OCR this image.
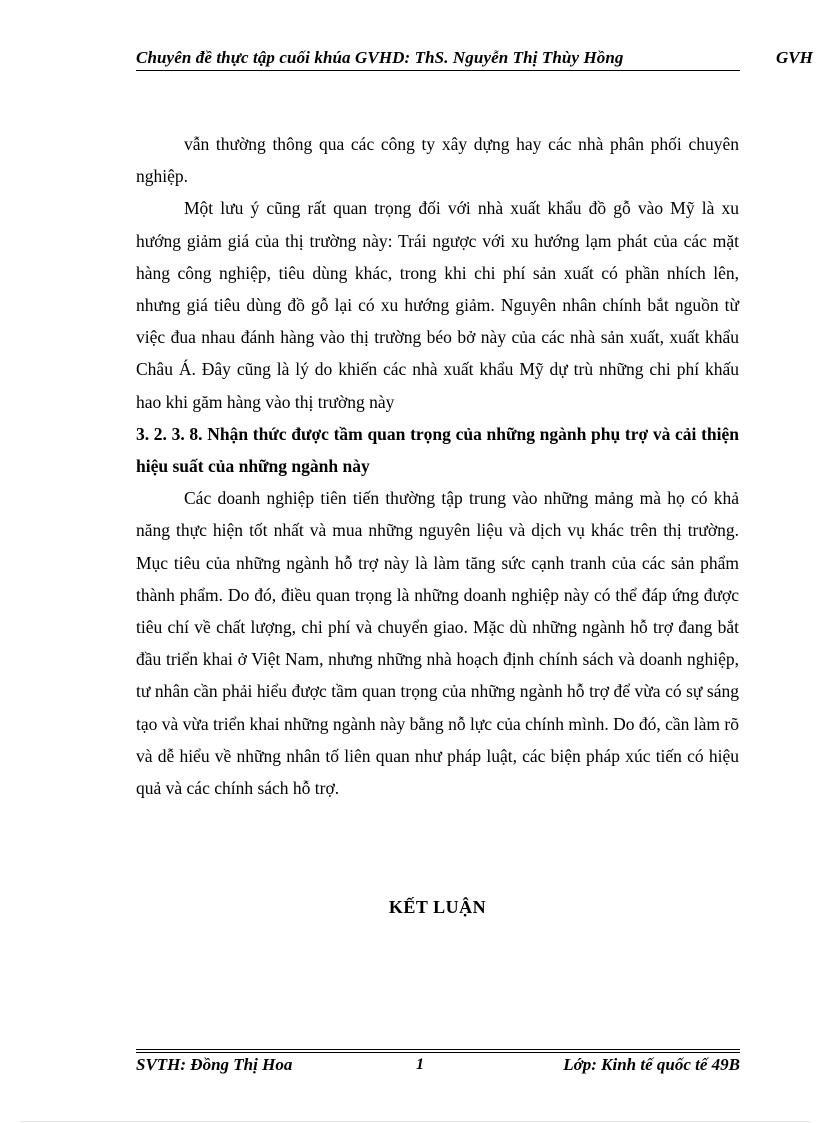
Chuyên đề thực tập cuối khúa GVHD: ThS. Nguyễn Thị Thùy Hồng	GVH

vẫn thường thông qua các công ty xây dựng hay các nhà phân phối chuyên nghiệp.

Một lưu ý cũng rất quan trọng đối với nhà xuất khẩu đồ gỗ vào Mỹ là xu hướng giảm giá của thị trường này: Trái ngược với xu hướng lạm phát của các mặt hàng công nghiệp, tiêu dùng khác, trong khi chi phí sản xuất có phần nhích lên, nhưng giá tiêu dùng đồ gỗ lại có xu hướng giảm. Nguyên nhân chính bắt nguồn từ việc đua nhau đánh hàng vào thị trường béo bở này của các nhà sản xuất, xuất khẩu Châu Á. Đây cũng là lý do khiến các nhà xuất khẩu Mỹ dự trù những chi phí khấu hao khi găm hàng vào thị trường này

3. 2. 3. 8. Nhận thức được tầm quan trọng của những ngành phụ trợ và cải thiện hiệu suất của những ngành này

Các doanh nghiệp tiên tiến thường tập trung vào những mảng mà họ có khả năng thực hiện tốt nhất và mua những nguyên liệu và dịch vụ khác trên thị trường. Mục tiêu của những ngành hỗ trợ này là làm tăng sức cạnh tranh của các sản phẩm thành phẩm. Do đó, điều quan trọng là những doanh nghiệp này có thể đáp ứng được tiêu chí về chất lượng, chi phí và chuyển giao. Mặc dù những ngành hỗ trợ đang bắt đầu triển khai ở Việt Nam, nhưng những nhà hoạch định chính sách và doanh nghiệp, tư nhân cần phải hiểu được tầm quan trọng của những ngành hỗ trợ để vừa có sự sáng tạo và vừa triển khai những ngành này bằng nỗ lực của chính mình. Do đó, cần làm rõ và dễ hiểu về những nhân tố liên quan như pháp luật, các biện pháp xúc tiến có hiệu quả và các chính sách hỗ trợ.

KẾT LUẬN
SVTH: Đồng Thị Hoa	1	Lớp: Kinh tế quốc tế 49B
